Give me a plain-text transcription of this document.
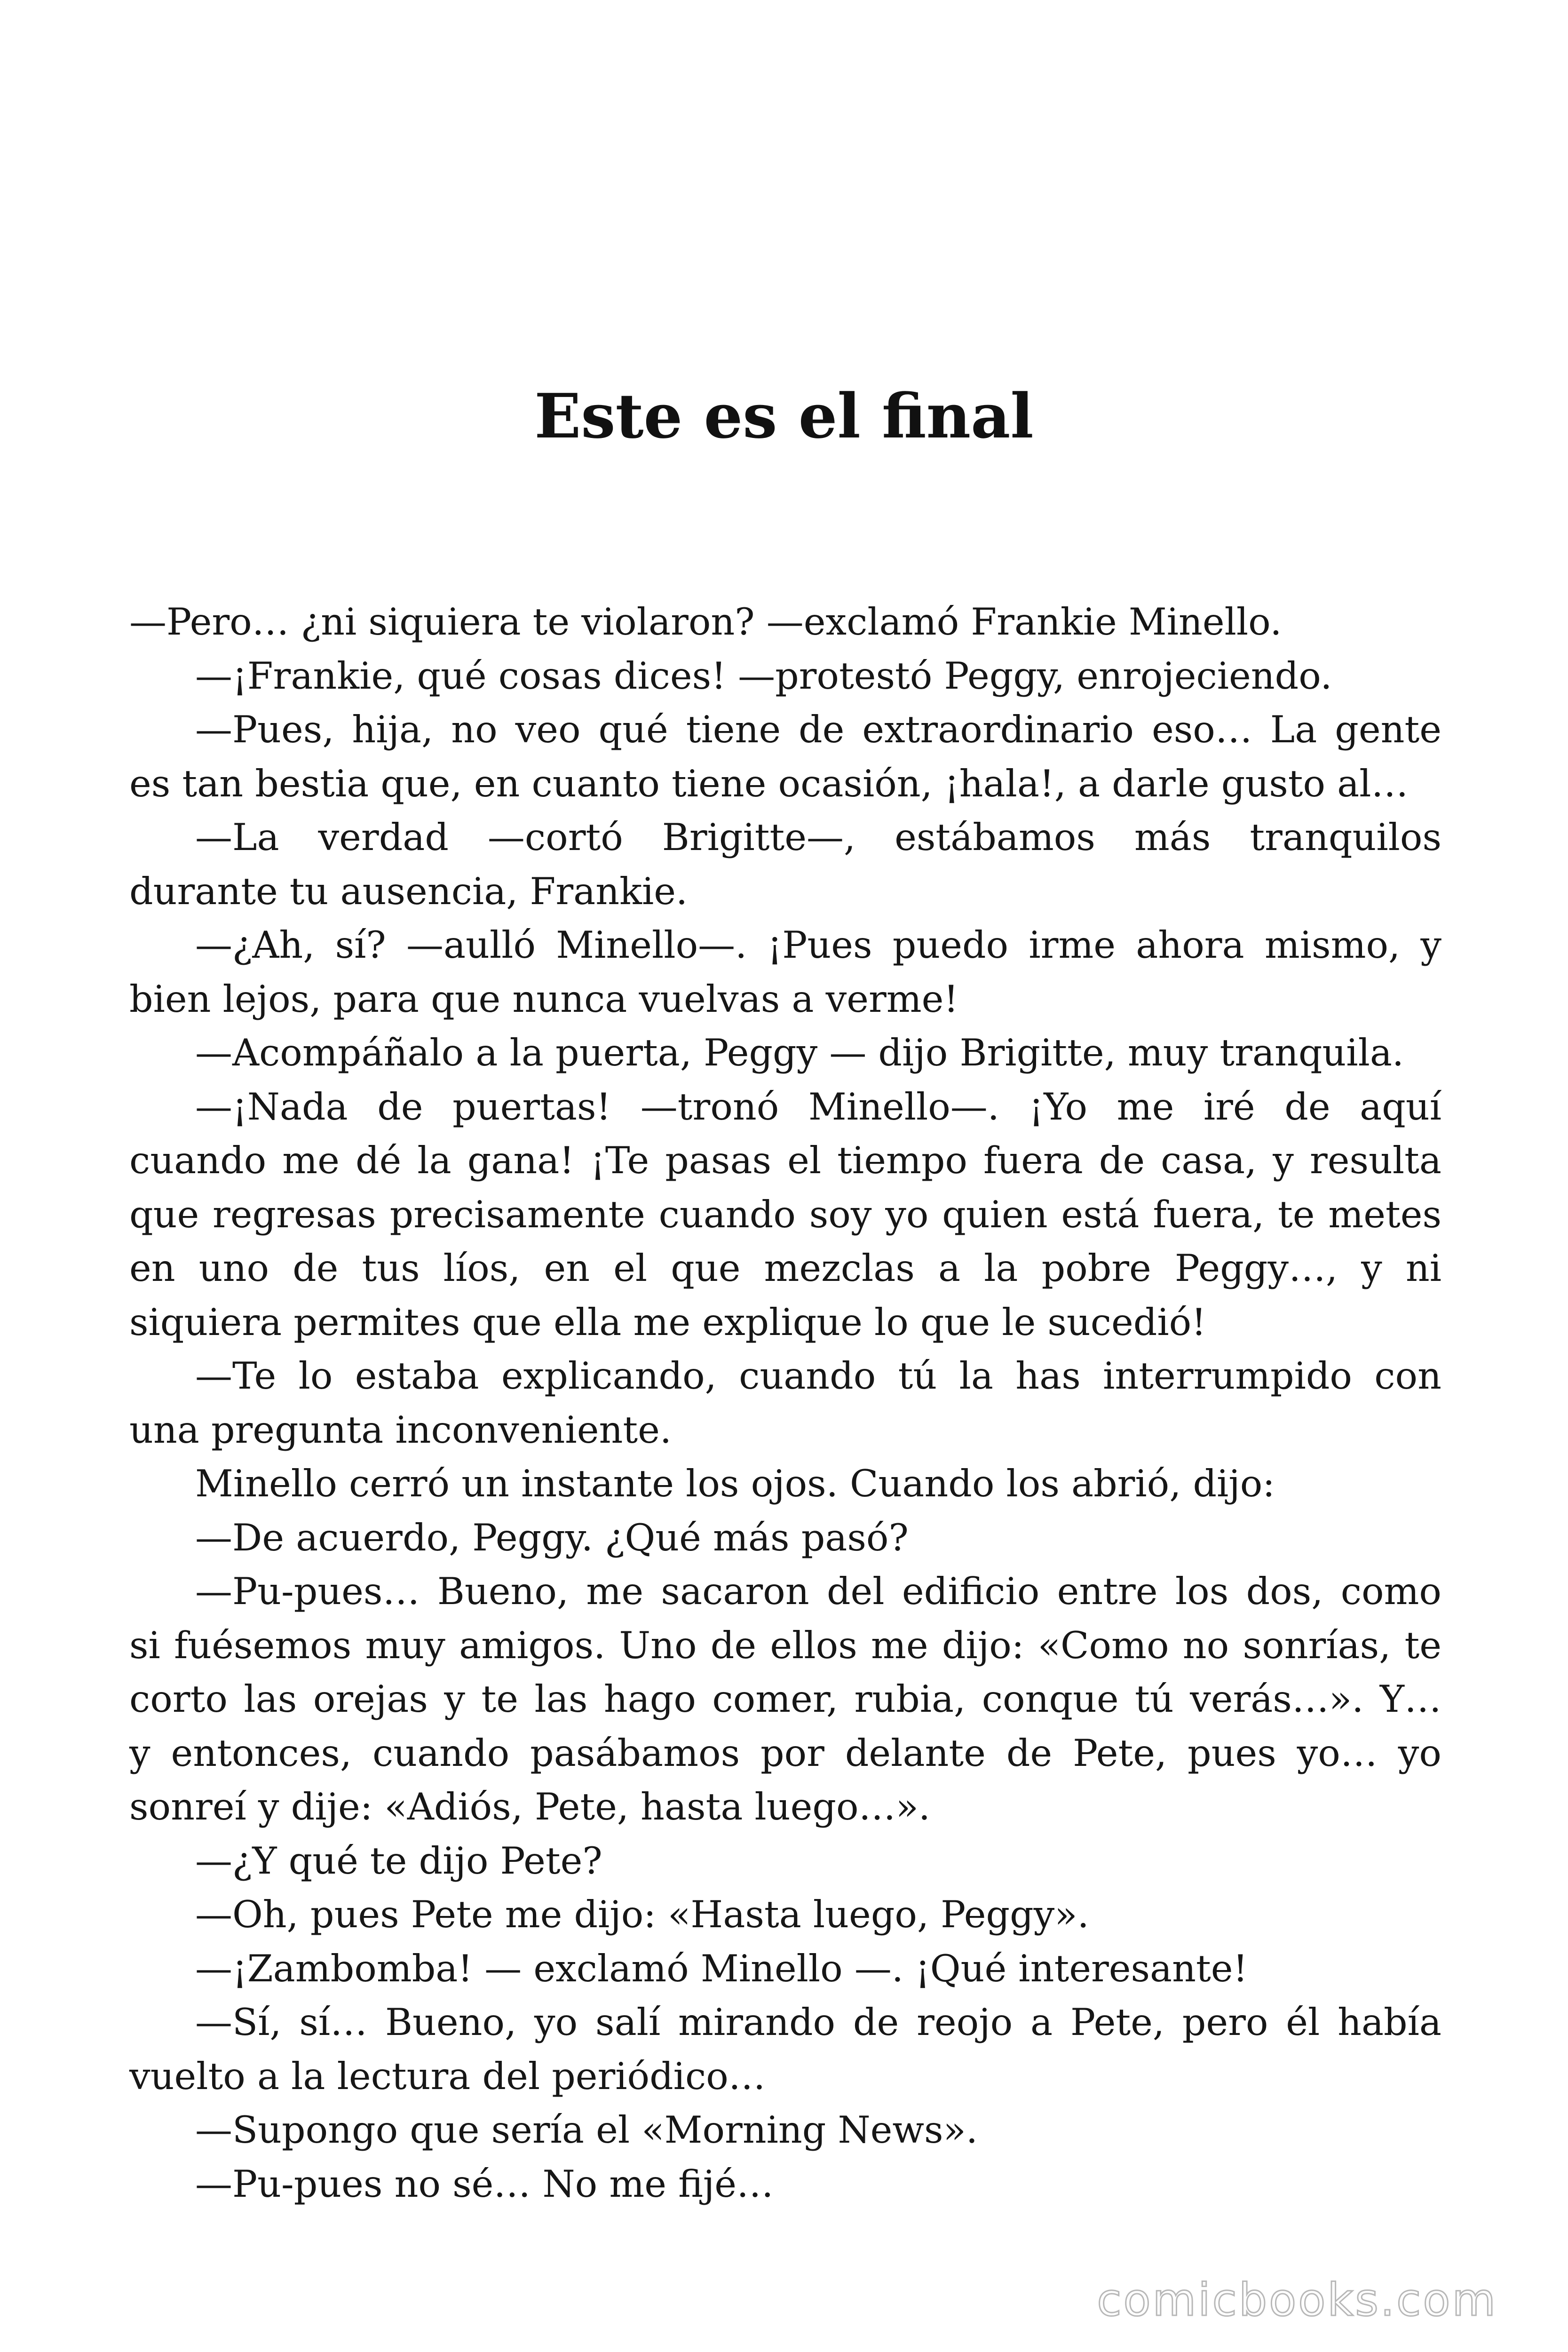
Este es el final
—Pero… ¿ni siquiera te violaron? —exclamó Frankie Minello.
—¡Frankie, qué cosas dices! —protestó Peggy, enrojeciendo.
—Pues, hija, no veo qué tiene de extraordinario eso… La gente
es tan bestia que, en cuanto tiene ocasión, ¡hala!, a darle gusto al…
—La verdad —cortó Brigitte—, estábamos más tranquilos
durante tu ausencia, Frankie.
—¿Ah, sí? —aulló Minello—. ¡Pues puedo irme ahora mismo, y
bien lejos, para que nunca vuelvas a verme!
—Acompáñalo a la puerta, Peggy — dijo Brigitte, muy tranquila.
—¡Nada de puertas! —tronó Minello—. ¡Yo me iré de aquí
cuando me dé la gana! ¡Te pasas el tiempo fuera de casa, y resulta
que regresas precisamente cuando soy yo quien está fuera, te metes
en uno de tus líos, en el que mezclas a la pobre Peggy…, y ni
siquiera permites que ella me explique lo que le sucedió!
—Te lo estaba explicando, cuando tú la has interrumpido con
una pregunta inconveniente.
Minello cerró un instante los ojos. Cuando los abrió, dijo:
—De acuerdo, Peggy. ¿Qué más pasó?
—Pu-pues… Bueno, me sacaron del edificio entre los dos, como
si fuésemos muy amigos. Uno de ellos me dijo: «Como no sonrías, te
corto las orejas y te las hago comer, rubia, conque tú verás…». Y…
y entonces, cuando pasábamos por delante de Pete, pues yo… yo
sonreí y dije: «Adiós, Pete, hasta luego…».
—¿Y qué te dijo Pete?
—Oh, pues Pete me dijo: «Hasta luego, Peggy».
—¡Zambomba! — exclamó Minello —. ¡Qué interesante!
—Sí, sí… Bueno, yo salí mirando de reojo a Pete, pero él había
vuelto a la lectura del periódico…
—Supongo que sería el «Morning News».
—Pu-pues no sé… No me fijé…
comicbooks.com
